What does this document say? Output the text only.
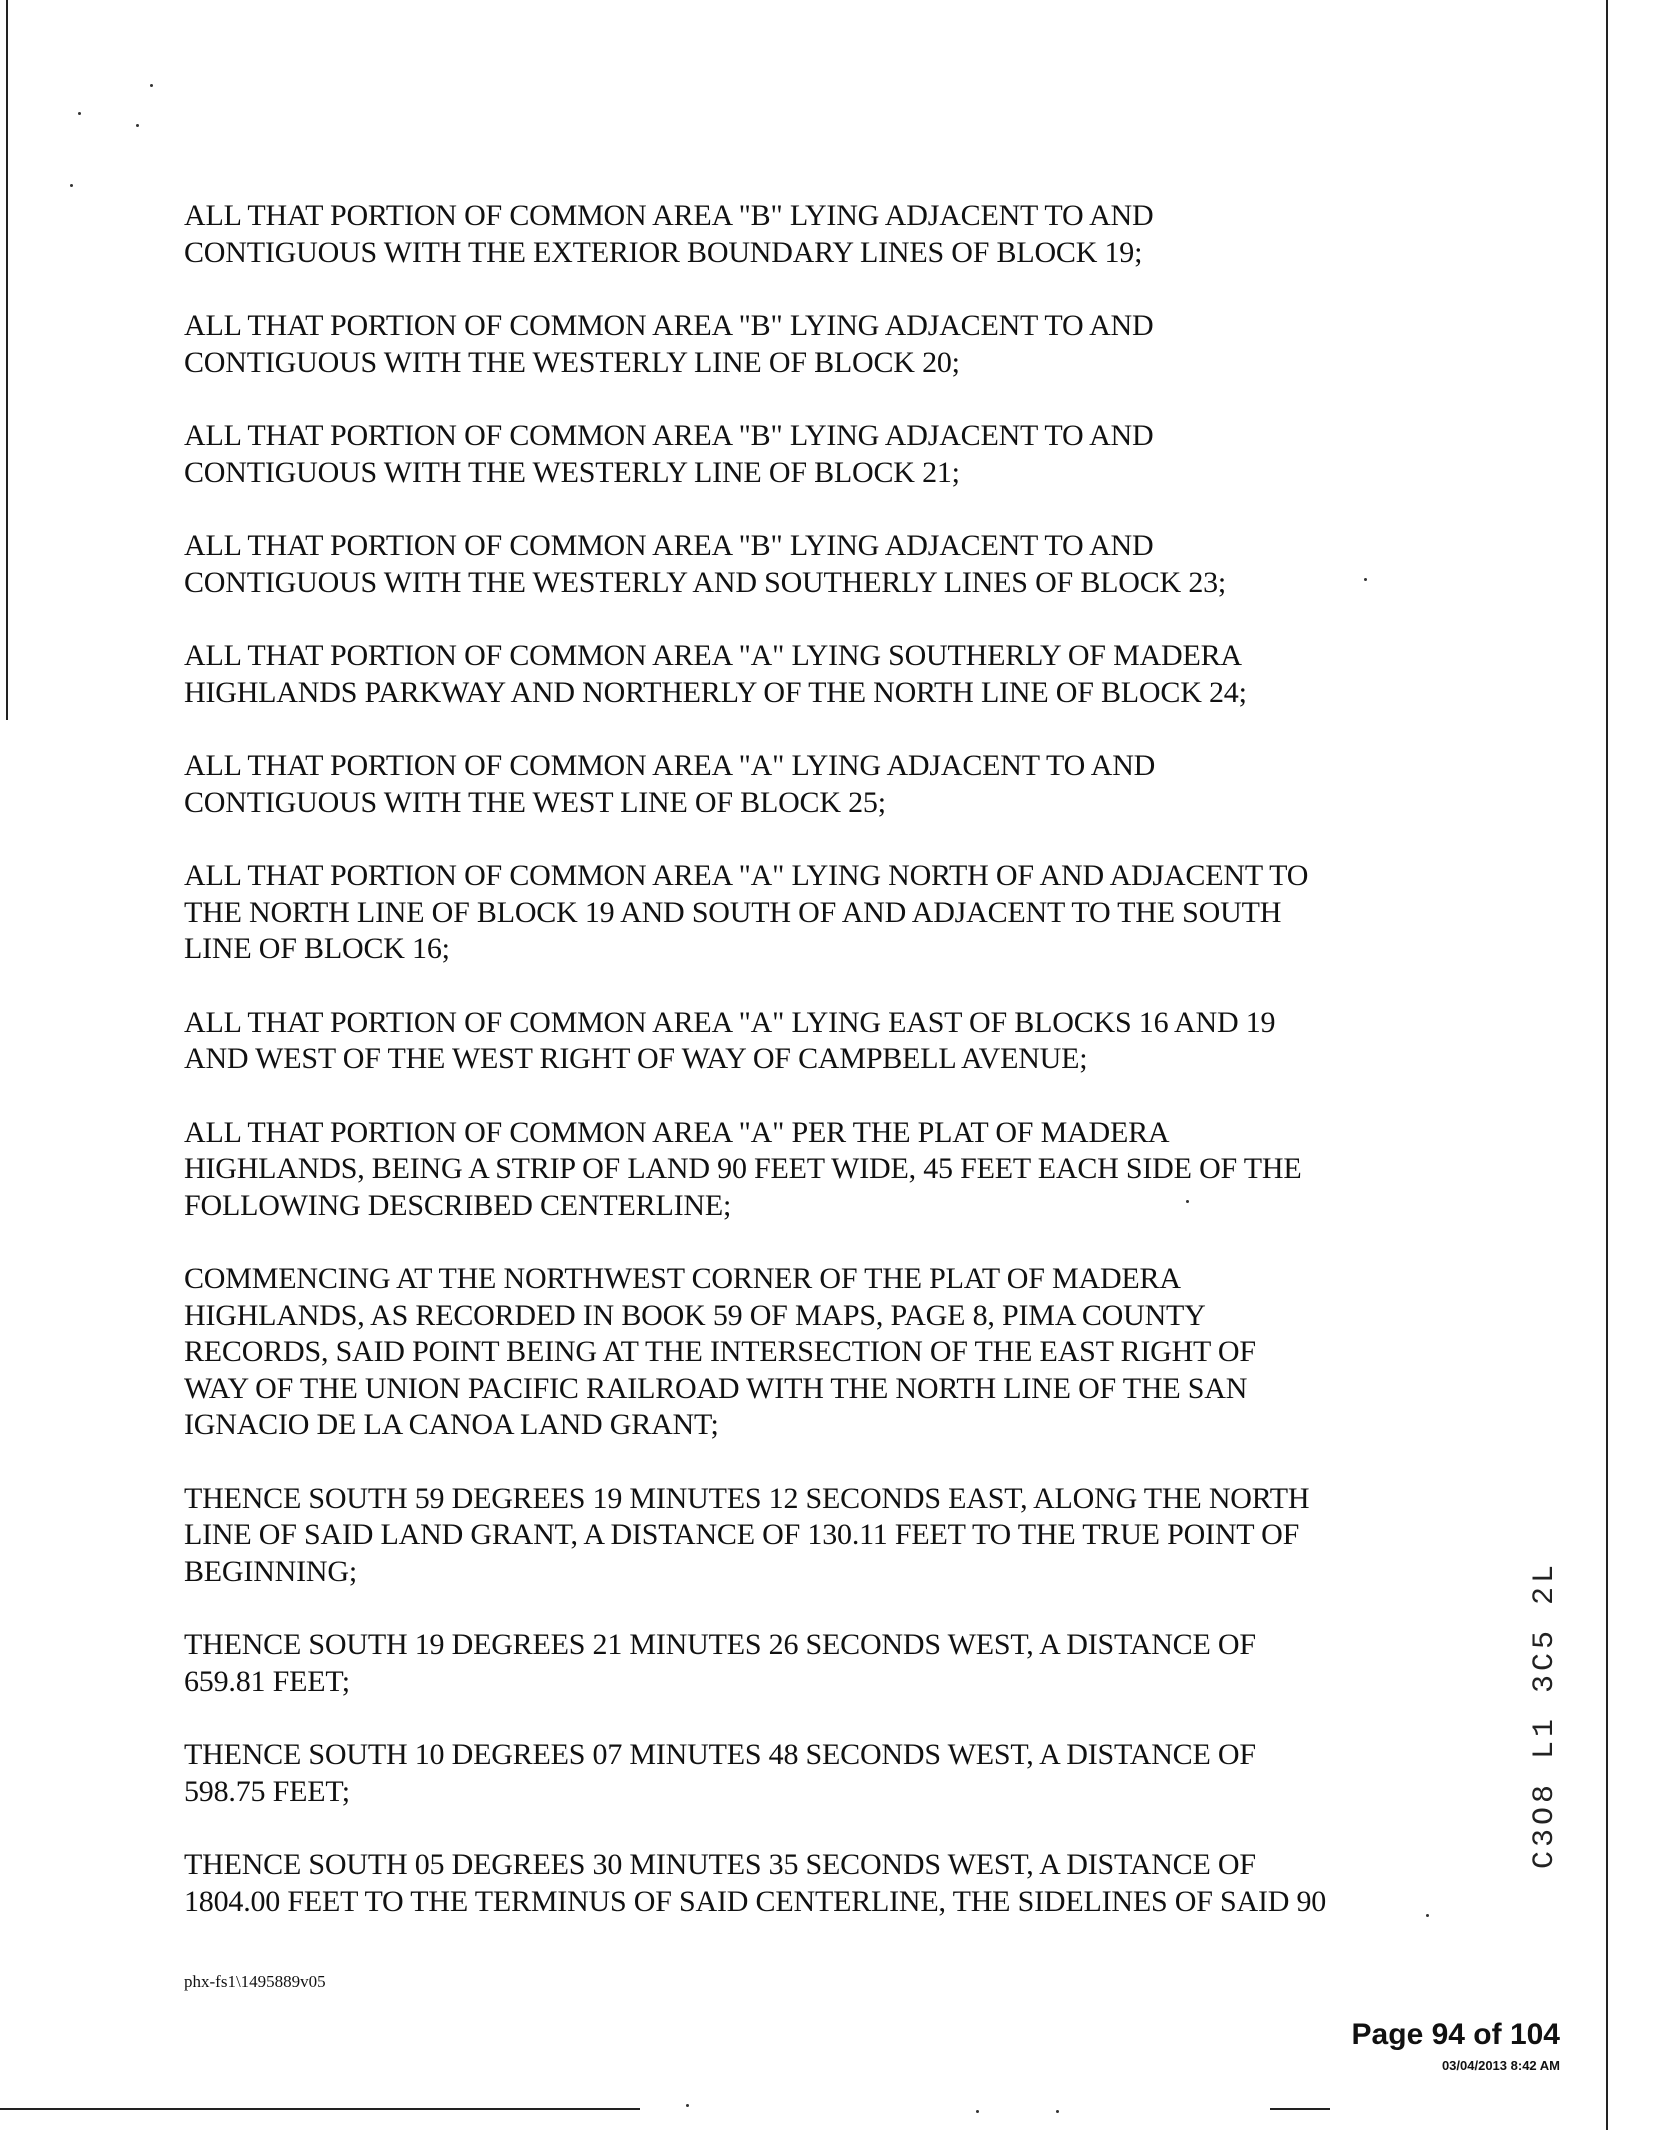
ALL THAT PORTION OF COMMON AREA "B" LYING ADJACENT TO AND
CONTIGUOUS WITH THE EXTERIOR BOUNDARY LINES OF BLOCK 19;

ALL THAT PORTION OF COMMON AREA "B" LYING ADJACENT TO AND
CONTIGUOUS WITH THE WESTERLY LINE OF BLOCK 20;

ALL THAT PORTION OF COMMON AREA "B" LYING ADJACENT TO AND
CONTIGUOUS WITH THE WESTERLY LINE OF BLOCK 21;

ALL THAT PORTION OF COMMON AREA "B" LYING ADJACENT TO AND
CONTIGUOUS WITH THE WESTERLY AND SOUTHERLY LINES OF BLOCK 23;

ALL THAT PORTION OF COMMON AREA "A" LYING SOUTHERLY OF MADERA
HIGHLANDS PARKWAY AND NORTHERLY OF THE NORTH LINE OF BLOCK 24;

ALL THAT PORTION OF COMMON AREA "A" LYING ADJACENT TO AND
CONTIGUOUS WITH THE WEST LINE OF BLOCK 25;

ALL THAT PORTION OF COMMON AREA "A" LYING NORTH OF AND ADJACENT TO
THE NORTH LINE OF BLOCK 19 AND SOUTH OF AND ADJACENT TO THE SOUTH
LINE OF BLOCK 16;

ALL THAT PORTION OF COMMON AREA "A" LYING EAST OF BLOCKS 16 AND 19
AND WEST OF THE WEST RIGHT OF WAY OF CAMPBELL AVENUE;

ALL THAT PORTION OF COMMON AREA "A" PER THE PLAT OF MADERA
HIGHLANDS, BEING A STRIP OF LAND 90 FEET WIDE, 45 FEET EACH SIDE OF THE
FOLLOWING DESCRIBED CENTERLINE;

COMMENCING AT THE NORTHWEST CORNER OF THE PLAT OF MADERA
HIGHLANDS, AS RECORDED IN BOOK 59 OF MAPS, PAGE 8, PIMA COUNTY
RECORDS, SAID POINT BEING AT THE INTERSECTION OF THE EAST RIGHT OF
WAY OF THE UNION PACIFIC RAILROAD WITH THE NORTH LINE OF THE SAN
IGNACIO DE LA CANOA LAND GRANT;

THENCE SOUTH 59 DEGREES 19 MINUTES 12 SECONDS EAST, ALONG THE NORTH
LINE OF SAID LAND GRANT, A DISTANCE OF 130.11 FEET TO THE TRUE POINT OF
BEGINNING;

THENCE SOUTH 19 DEGREES 21 MINUTES 26 SECONDS WEST, A DISTANCE OF
659.81 FEET;

THENCE SOUTH 10 DEGREES 07 MINUTES 48 SECONDS WEST, A DISTANCE OF
598.75 FEET;

THENCE SOUTH 05 DEGREES 30 MINUTES 35 SECONDS WEST, A DISTANCE OF
1804.00 FEET TO THE TERMINUS OF SAID CENTERLINE, THE SIDELINES OF SAID 90

phx-fs1\1495889v05
Page 94 of 104
03/04/2013 8:42 AM
C3O8 L1 3C5 2L
